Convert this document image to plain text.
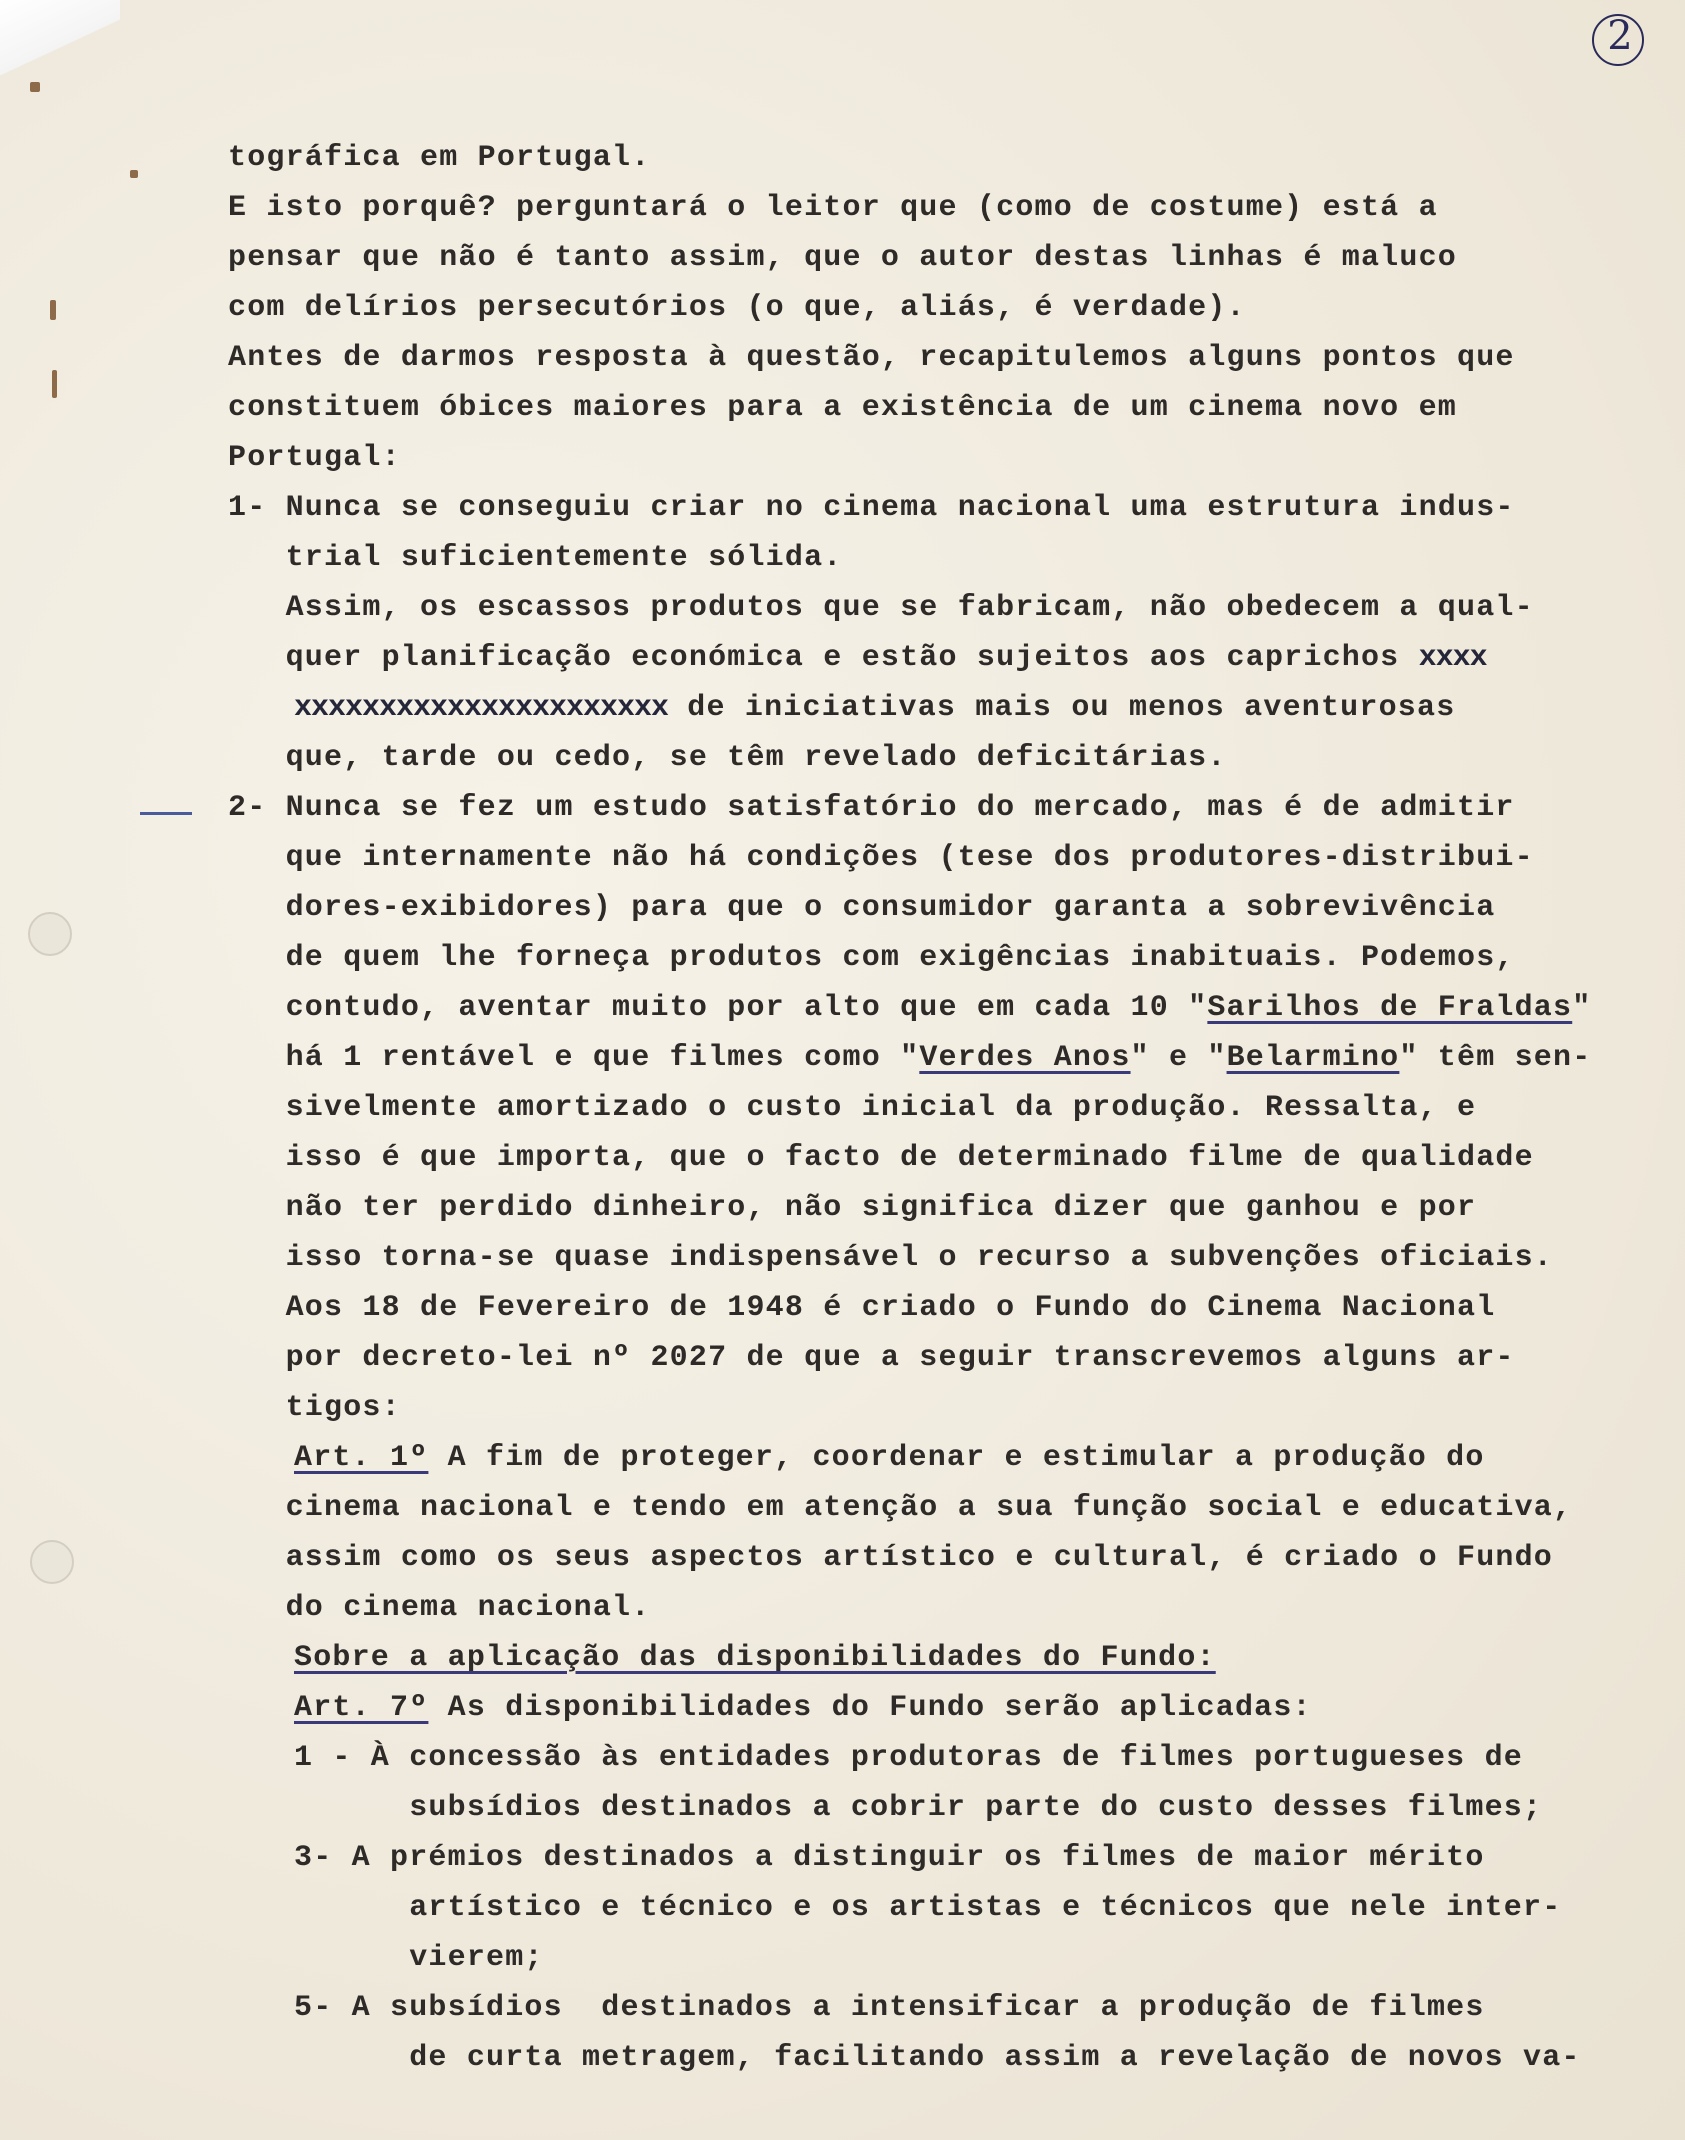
2
tográfica em Portugal.
E isto porquê? perguntará o leitor que (como de costume) está a
pensar que não é tanto assim, que o autor destas linhas é maluco
com delírios persecutórios (o que, aliás, é verdade).
Antes de darmos resposta à questão, recapitulemos alguns pontos que
constituem óbices maiores para a existência de um cinema novo em
Portugal:
1- Nunca se conseguiu criar no cinema nacional uma estrutura indus-
trial suficientemente sólida.
Assim, os escassos produtos que se fabricam, não obedecem a qual-
quer planificação económica e estão sujeitos aos caprichos xxxx
xxxxxxxxxxxxxxxxxxxxxx de iniciativas mais ou menos aventurosas
que, tarde ou cedo, se têm revelado deficitárias.
2- Nunca se fez um estudo satisfatório do mercado, mas é de admitir
que internamente não há condições (tese dos produtores-distribui-
dores-exibidores) para que o consumidor garanta a sobrevivência
de quem lhe forneça produtos com exigências inabituais. Podemos,
contudo, aventar muito por alto que em cada 10 "Sarilhos de Fraldas"
há 1 rentável e que filmes como "Verdes Anos" e "Belarmino" têm sen-
sivelmente amortizado o custo inicial da produção. Ressalta, e
isso é que importa, que o facto de determinado filme de qualidade
não ter perdido dinheiro, não significa dizer que ganhou e por
isso torna-se quase indispensável o recurso a subvenções oficiais.
Aos 18 de Fevereiro de 1948 é criado o Fundo do Cinema Nacional
por decreto-lei nº 2027 de que a seguir transcrevemos alguns ar-
tigos:
Art. 1º A fim de proteger, coordenar e estimular a produção do
cinema nacional e tendo em atenção a sua função social e educativa,
assim como os seus aspectos artístico e cultural, é criado o Fundo
do cinema nacional.
Sobre a aplicação das disponibilidades do Fundo:
Art. 7º As disponibilidades do Fundo serão aplicadas:
1 - À concessão às entidades produtoras de filmes portugueses de
subsídios destinados a cobrir parte do custo desses filmes;
3- A prémios destinados a distinguir os filmes de maior mérito
artístico e técnico e os artistas e técnicos que nele inter-
vierem;
5- A subsídios  destinados a intensificar a produção de filmes
de curta metragem, facilitando assim a revelação de novos va-
